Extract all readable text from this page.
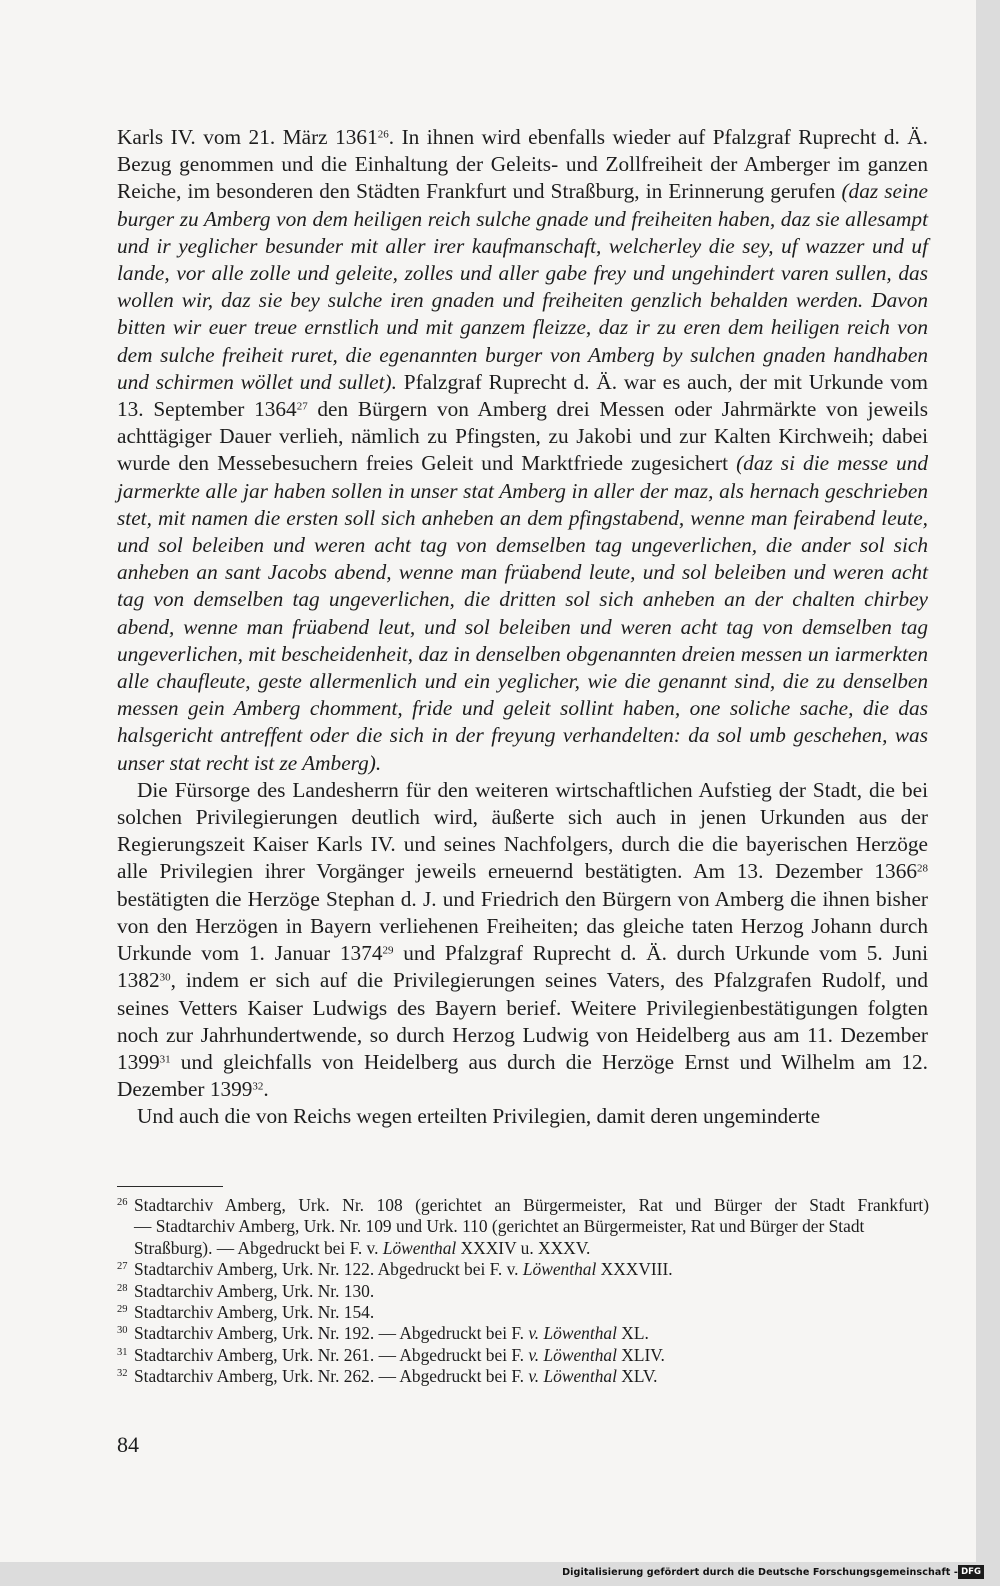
Karls IV. vom 21. März 1361$^{26}$. In ihnen wird ebenfalls wieder auf Pfalzgraf Ruprecht d. Ä. Bezug genommen und die Einhaltung der Geleits- und Zollfreiheit der Amberger im ganzen Reiche, im besonderen den Städten Frankfurt und Straßburg, in Erinnerung gerufen (daz seine burger zu Amberg von dem heiligen reich sulche gnade und freiheiten haben, daz sie allesampt und ir yeglicher besunder mit aller irer kaufmanschaft, welcherley die sey, uf wazzer und uf lande, vor alle zolle und geleite, zolles und aller gabe frey und ungehindert varen sullen, das wollen wir, daz sie bey sulche iren gnaden und freiheiten genzlich behalden werden. Davon bitten wir euer treue ernstlich und mit ganzem fleizze, daz ir zu eren dem heiligen reich von dem sulche freiheit ruret, die egenannten burger von Amberg by sulchen gnaden handhaben und schirmen wöllet und sullet). Pfalzgraf Ruprecht d. Ä. war es auch, der mit Urkunde vom 13. September 1364$^{27}$ den Bürgern von Amberg drei Messen oder Jahrmärkte von jeweils achttägiger Dauer verlieh, nämlich zu Pfingsten, zu Jakobi und zur Kalten Kirchweih; dabei wurde den Messebesuchern freies Geleit und Marktfriede zugesichert (daz si die messe und jarmerkte alle jar haben sollen in unser stat Amberg in aller der maz, als hernach geschrieben stet, mit namen die ersten soll sich anheben an dem pfingstabend, wenne man feirabend leute, und sol beleiben und weren acht tag von demselben tag ungeverlichen, die ander sol sich anheben an sant Jacobs abend, wenne man früabend leute, und sol beleiben und weren acht tag von demselben tag ungeverlichen, die dritten sol sich anheben an der chalten chirbey abend, wenne man früabend leut, und sol beleiben und weren acht tag von demselben tag ungeverlichen, mit bescheidenheit, daz in denselben obgenannten dreien messen un iarmerkten alle chaufleute, geste allermenlich und ein yeglicher, wie die genannt sind, die zu denselben messen gein Amberg chomment, fride und geleit sollint haben, one soliche sache, die das halsgericht antreffent oder die sich in der freyung verhandelten: da sol umb geschehen, was unser stat recht ist ze Amberg).

Die Fürsorge des Landesherrn für den weiteren wirtschaftlichen Aufstieg der Stadt, die bei solchen Privilegierungen deutlich wird, äußerte sich auch in jenen Urkunden aus der Regierungszeit Kaiser Karls IV. und seines Nachfolgers, durch die die bayerischen Herzöge alle Privilegien ihrer Vorgänger jeweils erneuernd bestätigten. Am 13. Dezember 1366$^{28}$ bestätigten die Herzöge Stephan d. J. und Friedrich den Bürgern von Amberg die ihnen bisher von den Herzögen in Bayern verliehenen Freiheiten; das gleiche taten Herzog Johann durch Urkunde vom 1. Januar 1374$^{29}$ und Pfalzgraf Ruprecht d. Ä. durch Urkunde vom 5. Juni 1382$^{30}$, indem er sich auf die Privilegierungen seines Vaters, des Pfalzgrafen Rudolf, und seines Vetters Kaiser Ludwigs des Bayern berief. Weitere Privilegienbestätigungen folgten noch zur Jahrhundertwende, so durch Herzog Ludwig von Heidelberg aus am 11. Dezember 1399$^{31}$ und gleichfalls von Heidelberg aus durch die Herzöge Ernst und Wilhelm am 12. Dezember 1399$^{32}$.

Und auch die von Reichs wegen erteilten Privilegien, damit deren ungeminderte

26 Stadtarchiv Amberg, Urk. Nr. 108 (gerichtet an Bürgermeister, Rat und Bürger der Stadt Frankfurt)
— Stadtarchiv Amberg, Urk. Nr. 109 und Urk. 110 (gerichtet an Bürgermeister, Rat und Bürger der Stadt Straßburg). — Abgedruckt bei F. v. Löwenthal XXXIV u. XXXV.
27 Stadtarchiv Amberg, Urk. Nr. 122. Abgedruckt bei F. v. Löwenthal XXXVIII.
28 Stadtarchiv Amberg, Urk. Nr. 130.
29 Stadtarchiv Amberg, Urk. Nr. 154.
30 Stadtarchiv Amberg, Urk. Nr. 192. — Abgedruckt bei F. v. Löwenthal XL.
31 Stadtarchiv Amberg, Urk. Nr. 261. — Abgedruckt bei F. v. Löwenthal XLIV.
32 Stadtarchiv Amberg, Urk. Nr. 262. — Abgedruckt bei F. v. Löwenthal XLV.
84
Digitalisierung gefördert durch die Deutsche Forschungsgemeinschaft - DFG
